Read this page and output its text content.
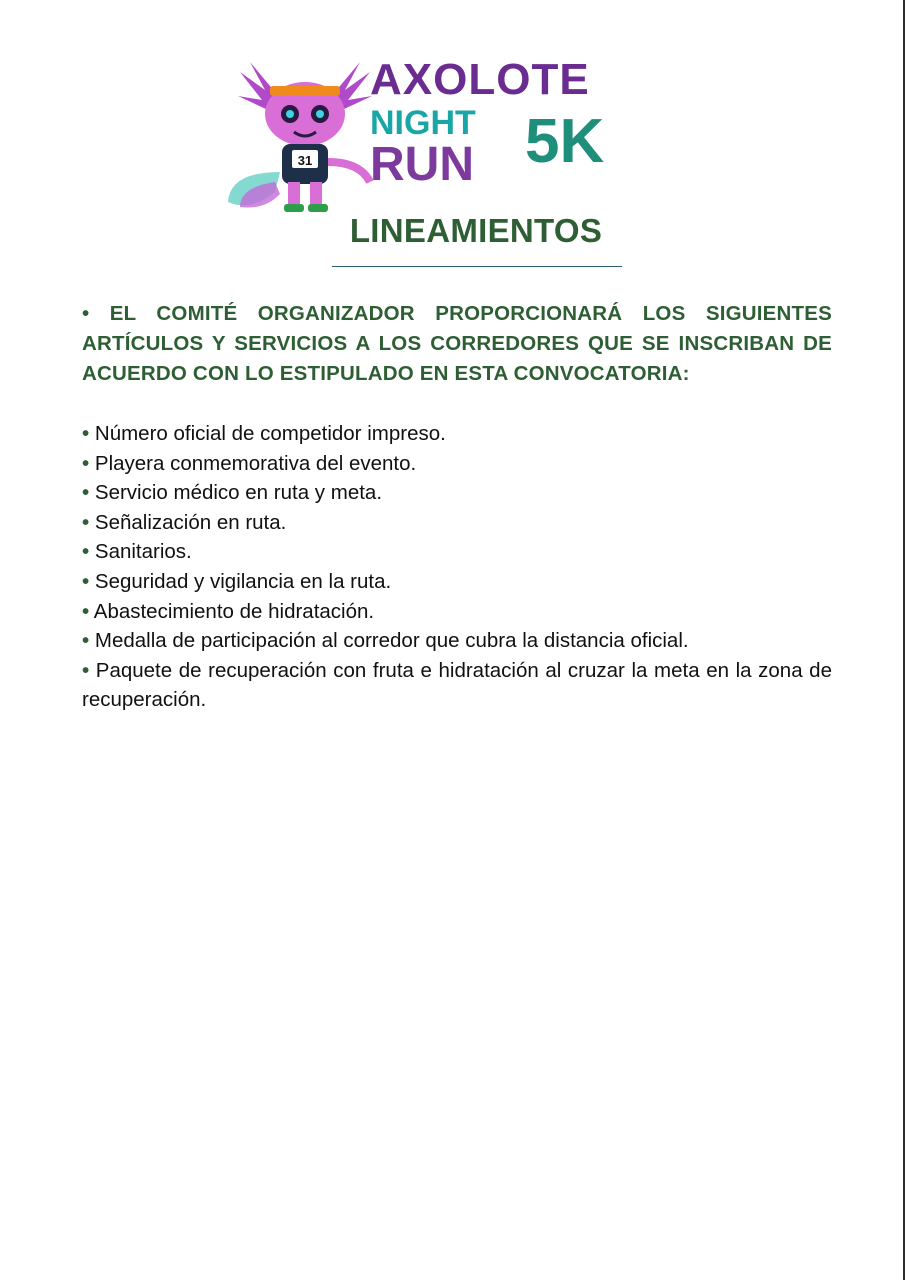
31
AXOLOTE
NIGHT
RUN 5K
LINEAMIENTOS
• EL COMITÉ ORGANIZADOR PROPORCIONARÁ LOS SIGUIENTES ARTÍCULOS Y SERVICIOS A LOS CORREDORES QUE SE INSCRIBAN DE ACUERDO CON LO ESTIPULADO EN ESTA CONVOCATORIA:
• Número oficial de competidor impreso.
• Playera conmemorativa del evento.
• Servicio médico en ruta y meta.
• Señalización en ruta.
• Sanitarios.
• Seguridad y vigilancia en la ruta.
• Abastecimiento de hidratación.
• Medalla de participación al corredor que cubra la distancia oficial.
• Paquete de recuperación con fruta e hidratación al cruzar la meta en la zona de recuperación.
